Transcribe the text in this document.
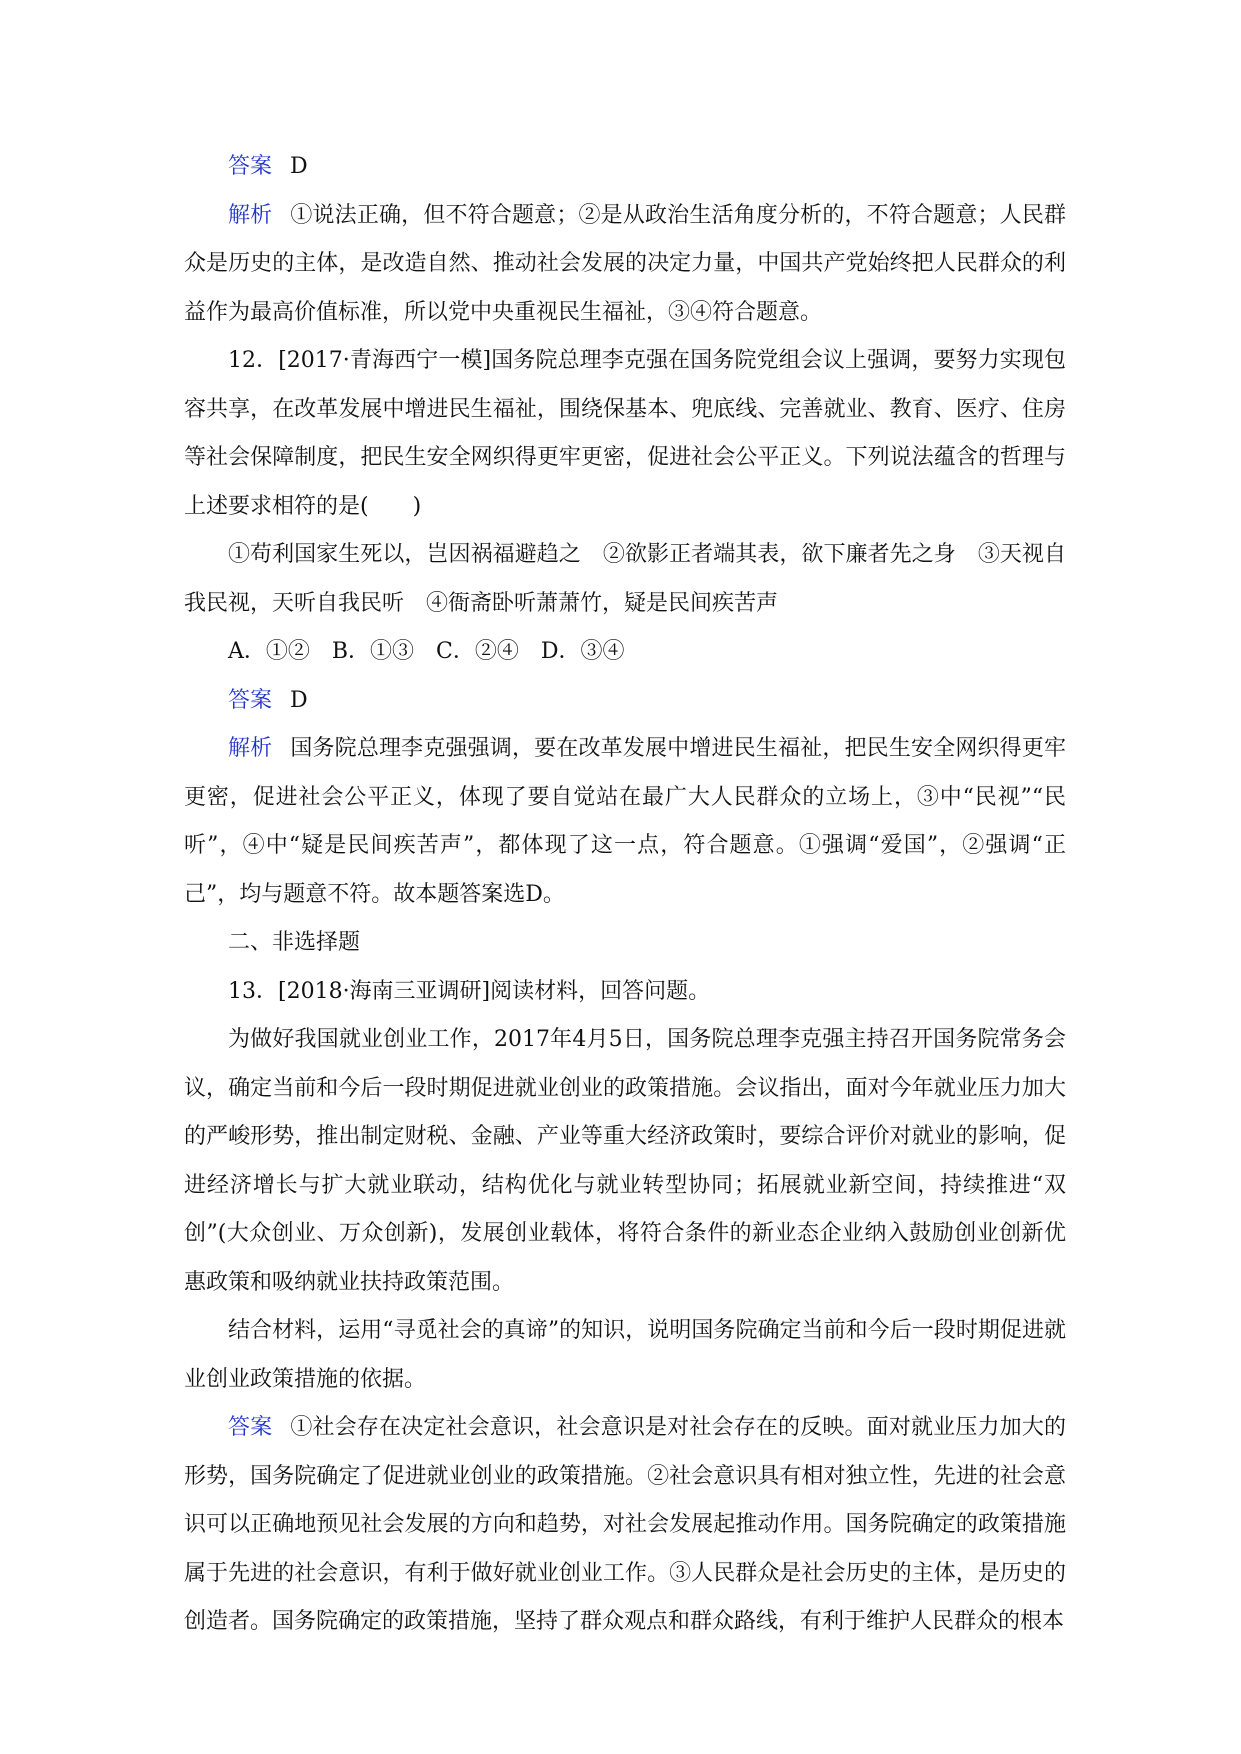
答案 D

解析 ①说法正确，但不符合题意；②是从政治生活角度分析的，不符合题意；人民群众是历史的主体，是改造自然、推动社会发展的决定力量，中国共产党始终把人民群众的利益作为最高价值标准，所以党中央重视民生福祉，③④符合题意。

12．[2017·青海西宁一模]国务院总理李克强在国务院党组会议上强调，要努力实现包容共享，在改革发展中增进民生福祉，围绕保基本、兜底线、完善就业、教育、医疗、住房等社会保障制度，把民生安全网织得更牢更密，促进社会公平正义。下列说法蕴含的哲理与上述要求相符的是(　　)

①苟利国家生死以，岂因祸福避趋之　②欲影正者端其表，欲下廉者先之身　③天视自我民视，天听自我民听　④衙斋卧听萧萧竹，疑是民间疾苦声

A．①②　B．①③　C．②④　D．③④

答案 D

解析 国务院总理李克强强调，要在改革发展中增进民生福祉，把民生安全网织得更牢更密，促进社会公平正义，体现了要自觉站在最广大人民群众的立场上，③中“民视”“民听”，④中“疑是民间疾苦声”，都体现了这一点，符合题意。①强调“爱国”，②强调“正己”，均与题意不符。故本题答案选D。

二、非选择题

13．[2018·海南三亚调研]阅读材料，回答问题。

为做好我国就业创业工作，2017年4月5日，国务院总理李克强主持召开国务院常务会议，确定当前和今后一段时期促进就业创业的政策措施。会议指出，面对今年就业压力加大的严峻形势，推出制定财税、金融、产业等重大经济政策时，要综合评价对就业的影响，促进经济增长与扩大就业联动，结构优化与就业转型协同；拓展就业新空间，持续推进“双创”(大众创业、万众创新)，发展创业载体，将符合条件的新业态企业纳入鼓励创业创新优惠政策和吸纳就业扶持政策范围。

结合材料，运用“寻觅社会的真谛”的知识，说明国务院确定当前和今后一段时期促进就业创业政策措施的依据。

答案 ①社会存在决定社会意识，社会意识是对社会存在的反映。面对就业压力加大的形势，国务院确定了促进就业创业的政策措施。②社会意识具有相对独立性，先进的社会意识可以正确地预见社会发展的方向和趋势，对社会发展起推动作用。国务院确定的政策措施属于先进的社会意识，有利于做好就业创业工作。③人民群众是社会历史的主体，是历史的创造者。国务院确定的政策措施，坚持了群众观点和群众路线，有利于维护人民群众的根本
